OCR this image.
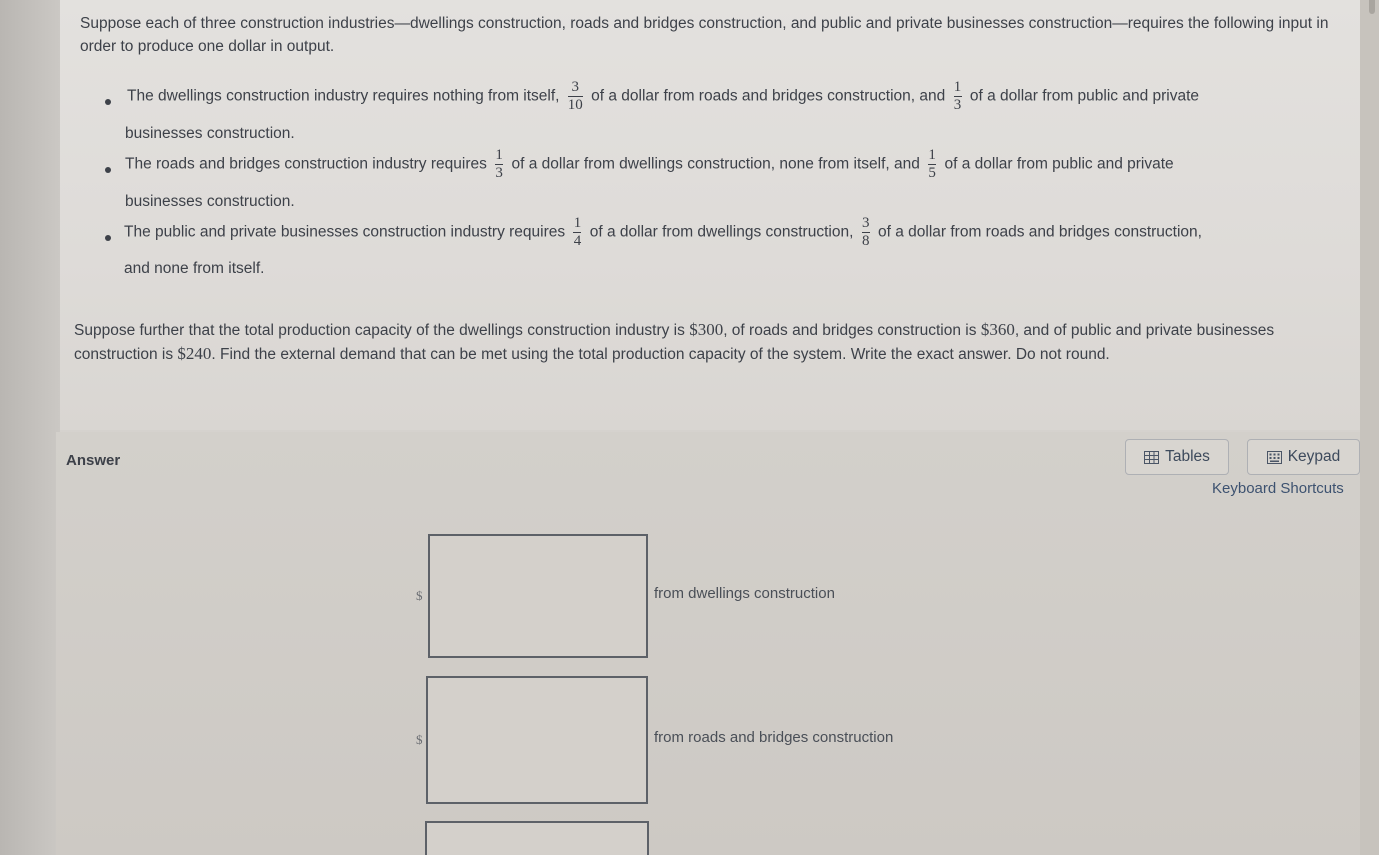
Suppose each of three construction industries—dwellings construction, roads and bridges construction, and public and private businesses construction—requires the following input in order to produce one dollar in output.
The dwellings construction industry requires nothing from itself, $\frac{3}{10}$ of a dollar from roads and bridges construction, and $\frac{1}{3}$ of a dollar from public and private
businesses construction.
The roads and bridges construction industry requires $\frac{1}{3}$ of a dollar from dwellings construction, none from itself, and $\frac{1}{5}$ of a dollar from public and private
businesses construction.
The public and private businesses construction industry requires $\frac{1}{4}$ of a dollar from dwellings construction, $\frac{3}{8}$ of a dollar from roads and bridges construction,
and none from itself.
Suppose further that the total production capacity of the dwellings construction industry is $300, of roads and bridges construction is $360, and of public and private businesses construction is $240. Find the external demand that can be met using the total production capacity of the system. Write the exact answer. Do not round.
Answer	Tables	Keypad
Keyboard Shortcuts
$	from dwellings construction
$	from roads and bridges construction
